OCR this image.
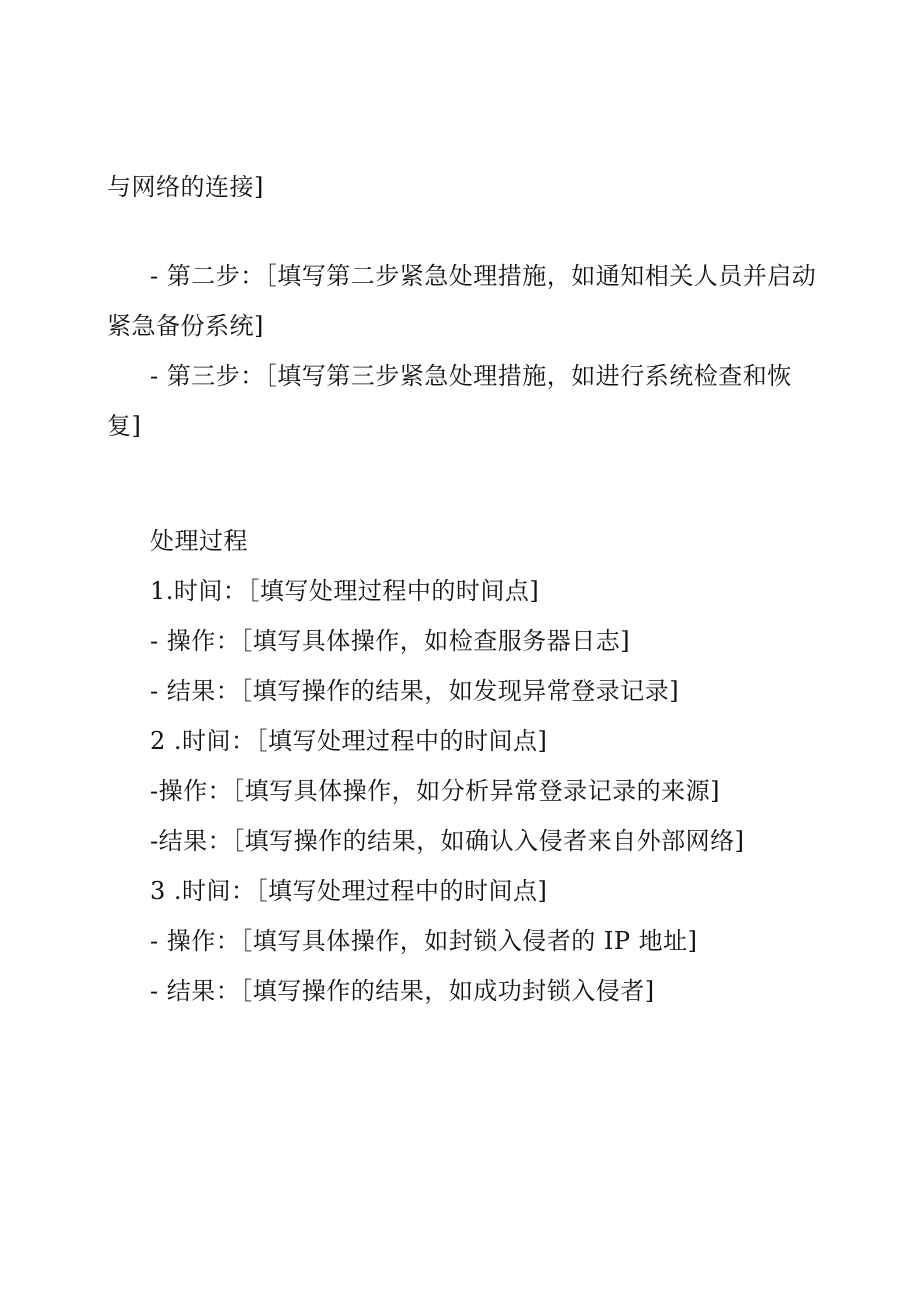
与网络的连接]
- 第二步：［填写第二步紧急处理措施，如通知相关人员并启动
紧急备份系统]
- 第三步：［填写第三步紧急处理措施，如进行系统检查和恢
复]
处理过程
1.时间：［填写处理过程中的时间点]
- 操作：［填写具体操作，如检查服务器日志]
- 结果：［填写操作的结果，如发现异常登录记录]
2 .时间：［填写处理过程中的时间点]
-操作：［填写具体操作，如分析异常登录记录的来源]
-结果：［填写操作的结果，如确认入侵者来自外部网络]
3 .时间：［填写处理过程中的时间点]
- 操作：［填写具体操作，如封锁入侵者的 IP 地址]
- 结果：［填写操作的结果，如成功封锁入侵者]
